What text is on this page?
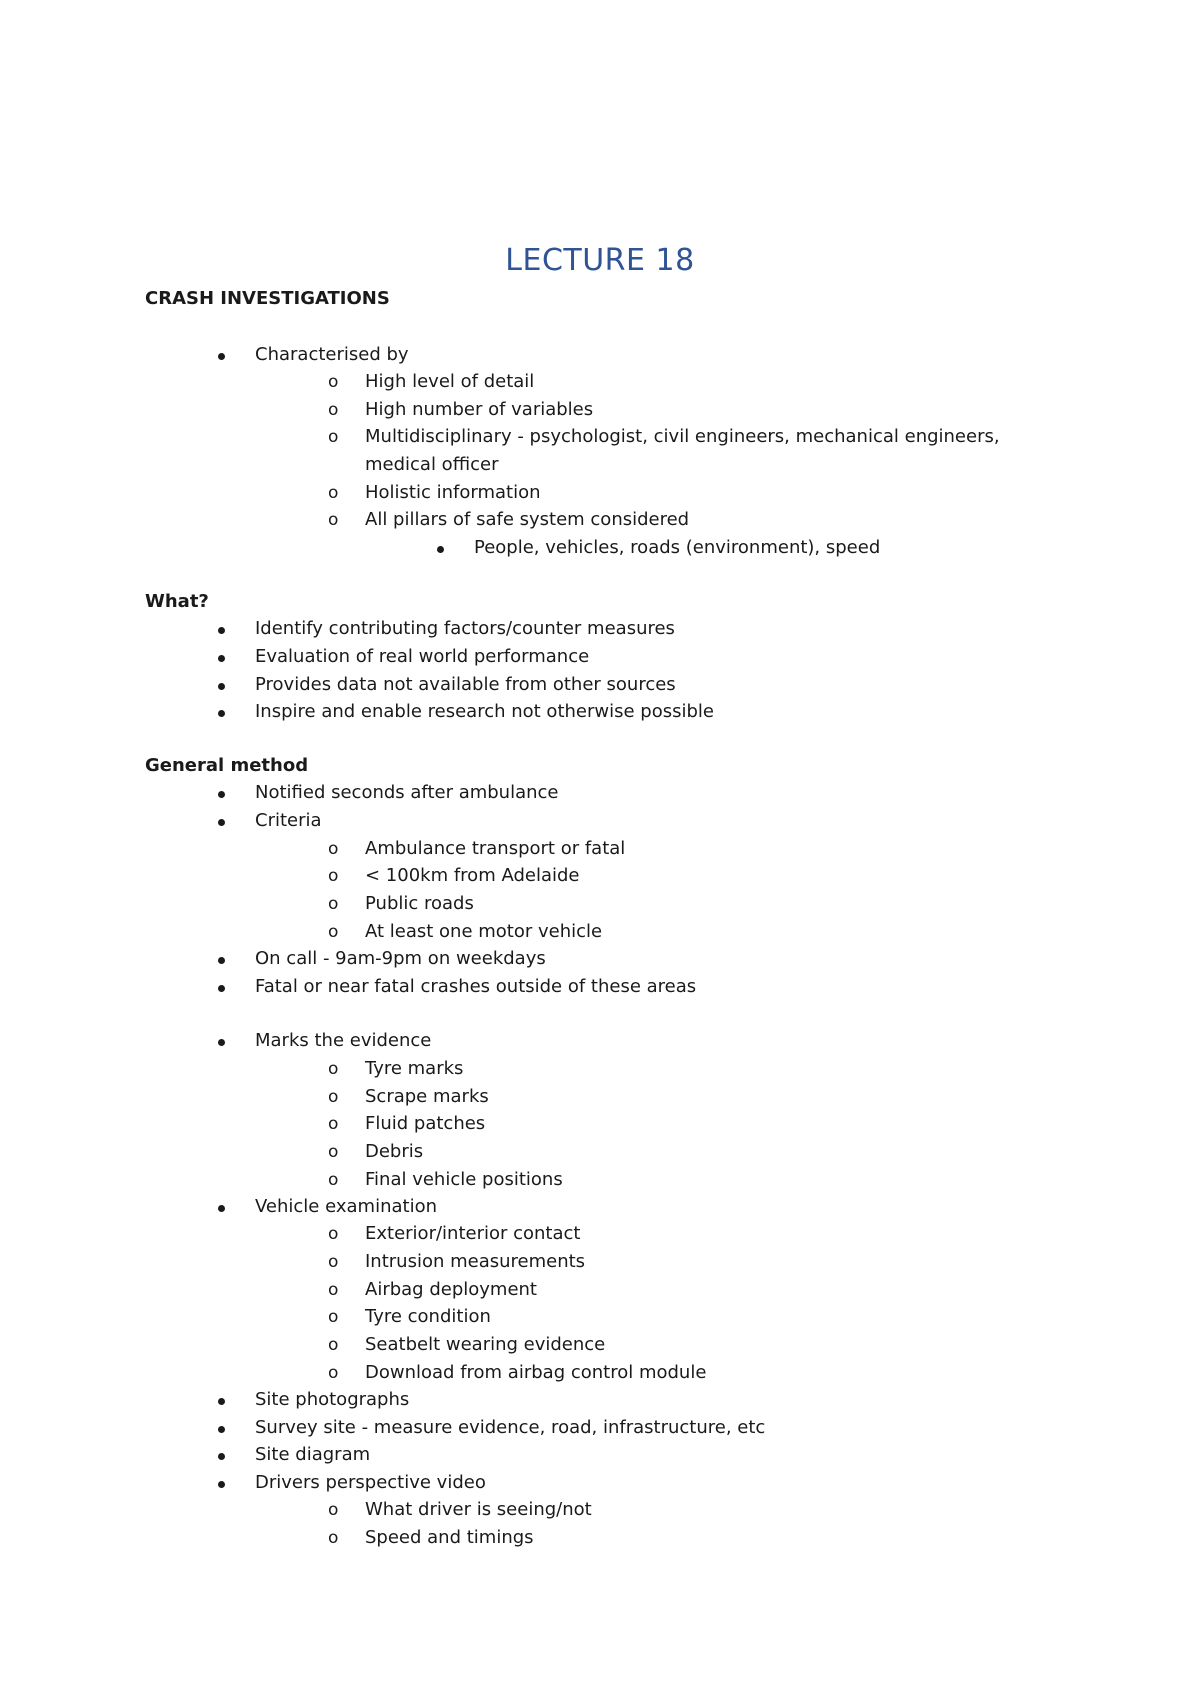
LECTURE 18
CRASH INVESTIGATIONS
Characterised by
o High level of detail
o High number of variables
o Multidisciplinary - psychologist, civil engineers, mechanical engineers,
medical officer
o Holistic information
o All pillars of safe system considered
People, vehicles, roads (environment), speed
What?
Identify contributing factors/counter measures
Evaluation of real world performance
Provides data not available from other sources
Inspire and enable research not otherwise possible
General method
Notified seconds after ambulance
Criteria
o Ambulance transport or fatal
o < 100km from Adelaide
o Public roads
o At least one motor vehicle
On call - 9am-9pm on weekdays
Fatal or near fatal crashes outside of these areas
Marks the evidence
o Tyre marks
o Scrape marks
o Fluid patches
o Debris
o Final vehicle positions
Vehicle examination
o Exterior/interior contact
o Intrusion measurements
o Airbag deployment
o Tyre condition
o Seatbelt wearing evidence
o Download from airbag control module
Site photographs
Survey site - measure evidence, road, infrastructure, etc
Site diagram
Drivers perspective video
o What driver is seeing/not
o Speed and timings
